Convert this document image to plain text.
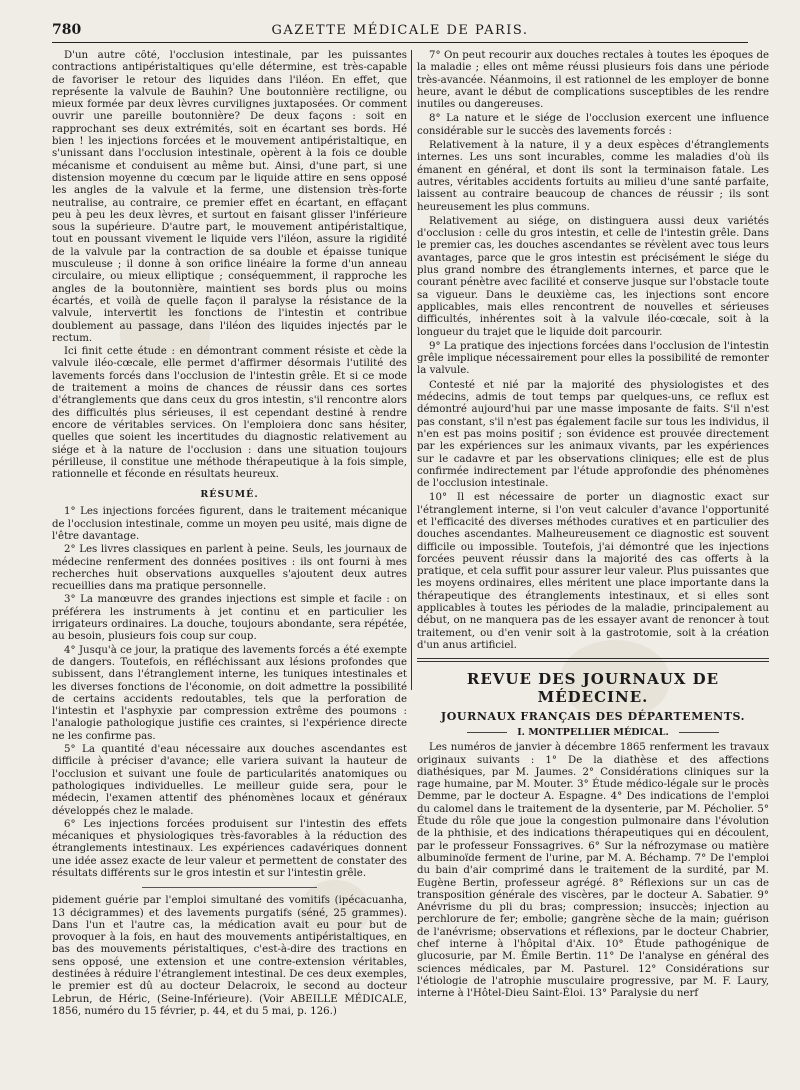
780	GAZETTE MÉDICALE DE PARIS.

D'un autre côté, l'occlusion intestinale, par les puissantes contractions antipéristaltiques qu'elle détermine, est très-capable de favoriser le retour des liquides dans l'iléon. En effet, que représente la valvule de Bauhin? Une boutonnière rectiligne, ou mieux formée par deux lèvres curvilignes juxtaposées. Or comment ouvrir une pareille boutonnière? De deux façons : soit en rapprochant ses deux extrémités, soit en écartant ses bords. Hé bien ! les injections forcées et le mouvement antipéristaltique, en s'unissant dans l'occlusion intestinale, opèrent à la fois ce double mécanisme et conduisent au même but. Ainsi, d'une part, si une distension moyenne du cœcum par le liquide attire en sens opposé les angles de la valvule et la ferme, une distension très-forte neutralise, au contraire, ce premier effet en écartant, en effaçant peu à peu les deux lèvres, et surtout en faisant glisser l'inférieure sous la supérieure. D'autre part, le mouvement antipéristaltique, tout en poussant vivement le liquide vers l'iléon, assure la rigidité de la valvule par la contraction de sa double et épaisse tunique musculeuse ; il donne à son orifice linéaire la forme d'un anneau circulaire, ou mieux elliptique ; conséquemment, il rapproche les angles de la boutonnière, maintient ses bords plus ou moins écartés, et voilà de quelle façon il paralyse la résistance de la valvule, intervertit les fonctions de l'intestin et contribue doublement au passage, dans l'iléon des liquides injectés par le rectum.

Ici finit cette étude : en démontrant comment résiste et cède la valvule iléo-cœcale, elle permet d'affirmer désormais l'utilité des lavements forcés dans l'occlusion de l'intestin grêle. Et si ce mode de traitement a moins de chances de réussir dans ces sortes d'étranglements que dans ceux du gros intestin, s'il rencontre alors des difficultés plus sérieuses, il est cependant destiné à rendre encore de véritables services. On l'emploiera donc sans hésiter, quelles que soient les incertitudes du diagnostic relativement au siége et à la nature de l'occlusion : dans une situation toujours périlleuse, il constitue une méthode thérapeutique à la fois simple, rationnelle et féconde en résultats heureux.

RÉSUMÉ.

1° Les injections forcées figurent, dans le traitement mécanique de l'occlusion intestinale, comme un moyen peu usité, mais digne de l'être davantage.

2° Les livres classiques en parlent à peine. Seuls, les journaux de médecine renferment des données positives : ils ont fourni à mes recherches huit observations auxquelles s'ajoutent deux autres recueillies dans ma pratique personnelle.

3° La manœuvre des grandes injections est simple et facile : on préférera les instruments à jet continu et en particulier les irrigateurs ordinaires. La douche, toujours abondante, sera répétée, au besoin, plusieurs fois coup sur coup.

4° Jusqu'à ce jour, la pratique des lavements forcés a été exempte de dangers. Toutefois, en réfléchissant aux lésions profondes que subissent, dans l'étranglement interne, les tuniques intestinales et les diverses fonctions de l'économie, on doit admettre la possibilité de certains accidents redoutables, tels que la perforation de l'intestin et l'asphyxie par compression extrême des poumons : l'analogie pathologique justifie ces craintes, si l'expérience directe ne les confirme pas.

5° La quantité d'eau nécessaire aux douches ascendantes est difficile à préciser d'avance; elle variera suivant la hauteur de l'occlusion et suivant une foule de particularités anatomiques ou pathologiques individuelles. Le meilleur guide sera, pour le médecin, l'examen attentif des phénomènes locaux et généraux développés chez le malade.

6° Les injections forcées produisent sur l'intestin des effets mécaniques et physiologiques très-favorables à la réduction des étranglements intestinaux. Les expériences cadavériques donnent une idée assez exacte de leur valeur et permettent de constater des résultats différents sur le gros intestin et sur l'intestin grêle.

pidement guérie par l'emploi simultané des vomitifs (ipécacuanha, 13 décigrammes) et des lavements purgatifs (séné, 25 grammes). Dans l'un et l'autre cas, la médication avait eu pour but de provoquer à la fois, en haut des mouvements antipéristaltiques, en bas des mouvements péristaltiques, c'est-à-dire des tractions en sens opposé, une extension et une contre-extension véritables, destinées à réduire l'étranglement intestinal. De ces deux exemples, le premier est dû au docteur Delacroix, le second au docteur Lebrun, de Héric, (Seine-Inférieure). (Voir ABEILLE MÉDICALE, 1856, numéro du 15 février, p. 44, et du 5 mai, p. 126.)

7° On peut recourir aux douches rectales à toutes les époques de la maladie ; elles ont même réussi plusieurs fois dans une période très-avancée. Néanmoins, il est rationnel de les employer de bonne heure, avant le début de complications susceptibles de les rendre inutiles ou dangereuses.

8° La nature et le siége de l'occlusion exercent une influence considérable sur le succès des lavements forcés :

Relativement à la nature, il y a deux espèces d'étranglements internes. Les uns sont incurables, comme les maladies d'où ils émanent en général, et dont ils sont la terminaison fatale. Les autres, véritables accidents fortuits au milieu d'une santé parfaite, laissent au contraire beaucoup de chances de réussir ; ils sont heureusement les plus communs.

Relativement au siége, on distinguera aussi deux variétés d'occlusion : celle du gros intestin, et celle de l'intestin grêle. Dans le premier cas, les douches ascendantes se révèlent avec tous leurs avantages, parce que le gros intestin est précisément le siége du plus grand nombre des étranglements internes, et parce que le courant pénètre avec facilité et conserve jusque sur l'obstacle toute sa vigueur. Dans le deuxième cas, les injections sont encore applicables, mais elles rencontrent de nouvelles et sérieuses difficultés, inhérentes soit à la valvule iléo-cœcale, soit à la longueur du trajet que le liquide doit parcourir.

9° La pratique des injections forcées dans l'occlusion de l'intestin grêle implique nécessairement pour elles la possibilité de remonter la valvule.

Contesté et nié par la majorité des physiologistes et des médecins, admis de tout temps par quelques-uns, ce reflux est démontré aujourd'hui par une masse imposante de faits. S'il n'est pas constant, s'il n'est pas également facile sur tous les individus, il n'en est pas moins positif ; son évidence est prouvée directement par les expériences sur les animaux vivants, par les expériences sur le cadavre et par les observations cliniques; elle est de plus confirmée indirectement par l'étude approfondie des phénomènes de l'occlusion intestinale.

10° Il est nécessaire de porter un diagnostic exact sur l'étranglement interne, si l'on veut calculer d'avance l'opportunité et l'efficacité des diverses méthodes curatives et en particulier des douches ascendantes. Malheureusement ce diagnostic est souvent difficile ou impossible. Toutefois, j'ai démontré que les injections forcées peuvent réussir dans la majorité des cas offerts à la pratique, et cela suffit pour assurer leur valeur. Plus puissantes que les moyens ordinaires, elles méritent une place importante dans la thérapeutique des étranglements intestinaux, et si elles sont applicables à toutes les périodes de la maladie, principalement au début, on ne manquera pas de les essayer avant de renoncer à tout traitement, ou d'en venir soit à la gastrotomie, soit à la création d'un anus artificiel.

REVUE DES JOURNAUX DE MÉDECINE.
JOURNAUX FRANÇAIS DES DÉPARTEMENTS.
I. MONTPELLIER MÉDICAL.

Les numéros de janvier à décembre 1865 renferment les travaux originaux suivants : 1° De la diathèse et des affections diathésiques, par M. Jaumes. 2° Considérations cliniques sur la rage humaine, par M. Mouter. 3° Étude médico-légale sur le procès Demme, par le docteur A. Espagne. 4° Des indications de l'emploi du calomel dans le traitement de la dysenterie, par M. Pécholier. 5° Étude du rôle que joue la congestion pulmonaire dans l'évolution de la phthisie, et des indications thérapeutiques qui en découlent, par le professeur Fonssagrives. 6° Sur la néfrozymase ou matière albuminoïde ferment de l'urine, par M. A. Béchamp. 7° De l'emploi du bain d'air comprimé dans le traitement de la surdité, par M. Eugène Bertin, professeur agrégé. 8° Réflexions sur un cas de transposition générale des viscères, par le docteur A. Sabatier. 9° Anévrisme du pli du bras; compression; insuccès; injection au perchlorure de fer; embolie; gangrène sèche de la main; guérison de l'anévrisme; observations et réflexions, par le docteur Chabrier, chef interne à l'hôpital d'Aix. 10° Étude pathogénique de glucosurie, par M. Émile Bertin. 11° De l'analyse en général des sciences médicales, par M. Pasturel. 12° Considérations sur l'étiologie de l'atrophie musculaire progressive, par M. F. Laury, interne à l'Hôtel-Dieu Saint-Éloi. 13° Paralysie du nerf
